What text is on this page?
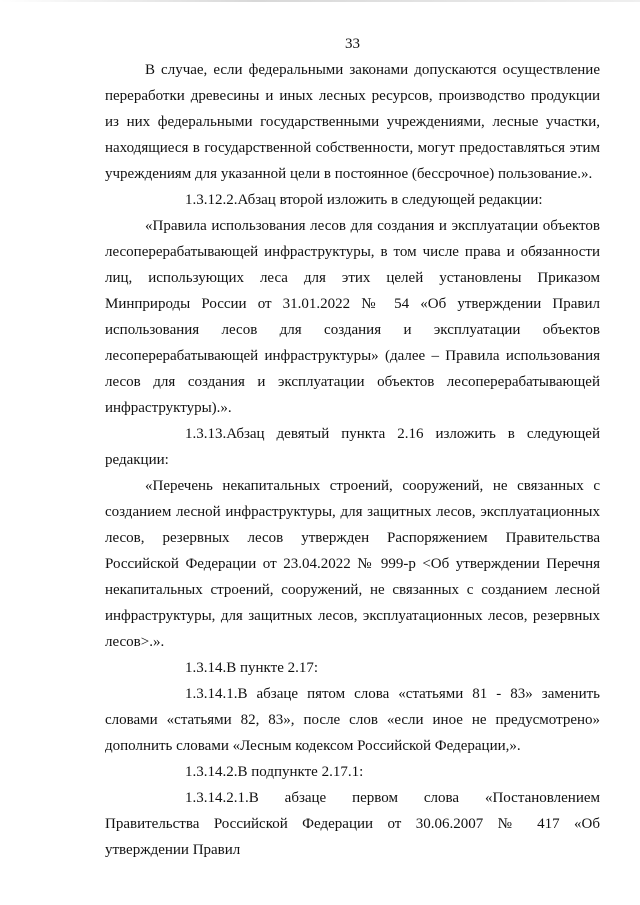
33

В случае, если федеральными законами допускаются осуществление переработки древесины и иных лесных ресурсов, производство продукции из них федеральными государственными учреждениями, лесные участки, находящиеся в государственной собственности, могут предоставляться этим учреждениям для указанной цели в постоянное (бессрочное) пользование.».

1.3.12.2.Абзац второй изложить в следующей редакции:

«Правила использования лесов для создания и эксплуатации объектов лесоперерабатывающей инфраструктуры, в том числе права и обязанности лиц, использующих леса для этих целей установлены Приказом Минприроды России от 31.01.2022 № 54 «Об утверждении Правил использования лесов для создания и эксплуатации объектов лесоперерабатывающей инфраструктуры» (далее – Правила использования лесов для создания и эксплуатации объектов лесоперерабатывающей инфраструктуры).».

1.3.13.Абзац девятый пункта 2.16 изложить в следующей редакции:

«Перечень некапитальных строений, сооружений, не связанных с созданием лесной инфраструктуры, для защитных лесов, эксплуатационных лесов, резервных лесов утвержден Распоряжением Правительства Российской Федерации от 23.04.2022 № 999-р <Об утверждении Перечня некапитальных строений, сооружений, не связанных с созданием лесной инфраструктуры, для защитных лесов, эксплуатационных лесов, резервных лесов>.».

1.3.14.В пункте 2.17:

1.3.14.1.В абзаце пятом слова «статьями 81 - 83» заменить словами «статьями 82, 83», после слов «если иное не предусмотрено» дополнить словами «Лесным кодексом Российской Федерации,».

1.3.14.2.В подпункте 2.17.1:

1.3.14.2.1.В абзаце первом слова «Постановлением Правительства Российской Федерации от 30.06.2007 № 417 «Об утверждении Правил
